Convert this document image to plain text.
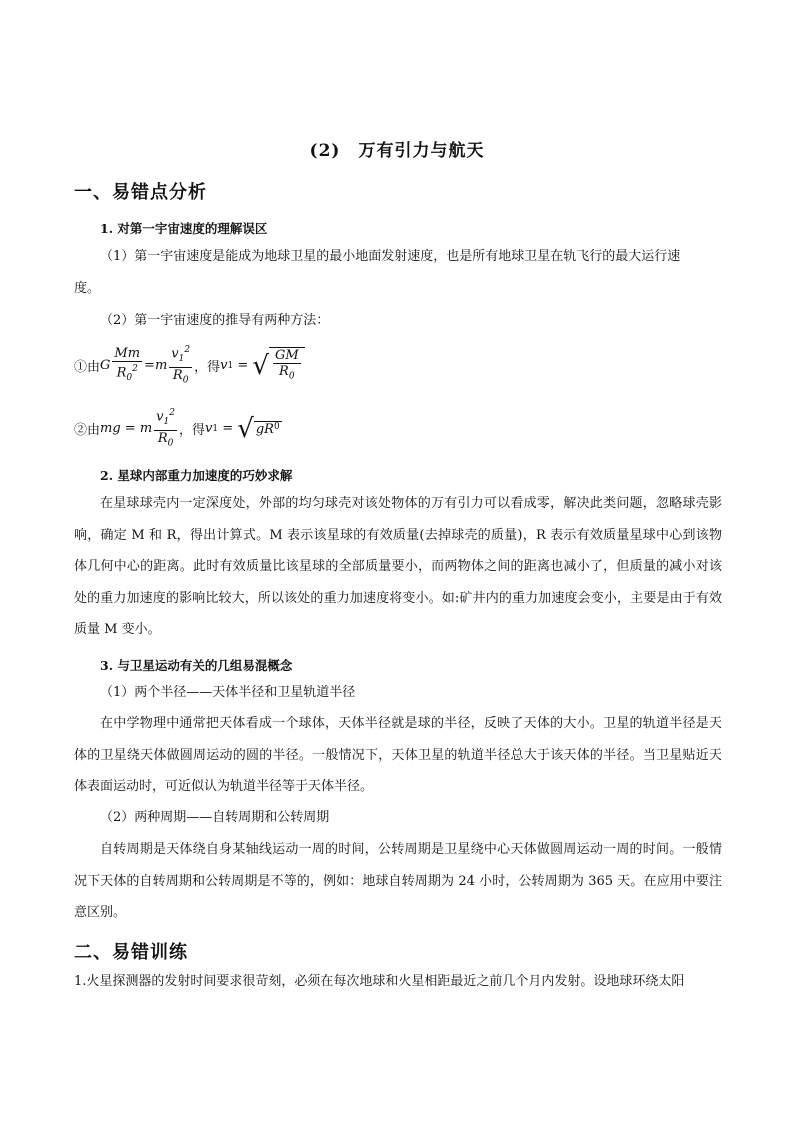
(2)　万有引力与航天
一、易错点分析
1. 对第一宇宙速度的理解误区
（1）第一宇宙速度是能成为地球卫星的最小地面发射速度，也是所有地球卫星在轨飞行的最大运行速
度。
（2）第一宇宙速度的推导有两种方法：
①由 G $\frac{Mm}{R_0^2} = m \frac{v_1^2}{R_0}$ ，得 v 1 = √ $\frac{GM}{R_0}$
②由 mg = m $\frac{v_1^2}{R_0}$ ，得 v 1 = √ gR 0
2. 星球内部重力加速度的巧妙求解
在星球球壳内一定深度处，外部的均匀球壳对该处物体的万有引力可以看成零，解决此类问题，忽略球壳影响，确定 M 和 R，得出计算式。M 表示该星球的有效质量(去掉球壳的质量)，R 表示有效质量星球中心到该物体几何中心的距离。此时有效质量比该星球的全部质量要小，而两物体之间的距离也减小了，但质量的减小对该处的重力加速度的影响比较大，所以该处的重力加速度将变小。如:矿井内的重力加速度会变小，主要是由于有效质量 M 变小。
3. 与卫星运动有关的几组易混概念
（1）两个半径——天体半径和卫星轨道半径
在中学物理中通常把天体看成一个球体，天体半径就是球的半径，反映了天体的大小。卫星的轨道半径是天体的卫星绕天体做圆周运动的圆的半径。一般情况下，天体卫星的轨道半径总大于该天体的半径。当卫星贴近天体表面运动时，可近似认为轨道半径等于天体半径。
（2）两种周期——自转周期和公转周期
自转周期是天体绕自身某轴线运动一周的时间，公转周期是卫星绕中心天体做圆周运动一周的时间。一般情况下天体的自转周期和公转周期是不等的，例如：地球自转周期为 24 小时，公转周期为 365 天。在应用中要注意区别。
二、易错训练
1.火星探测器的发射时间要求很苛刻，必须在每次地球和火星相距最近之前几个月内发射。设地球环绕太阳
